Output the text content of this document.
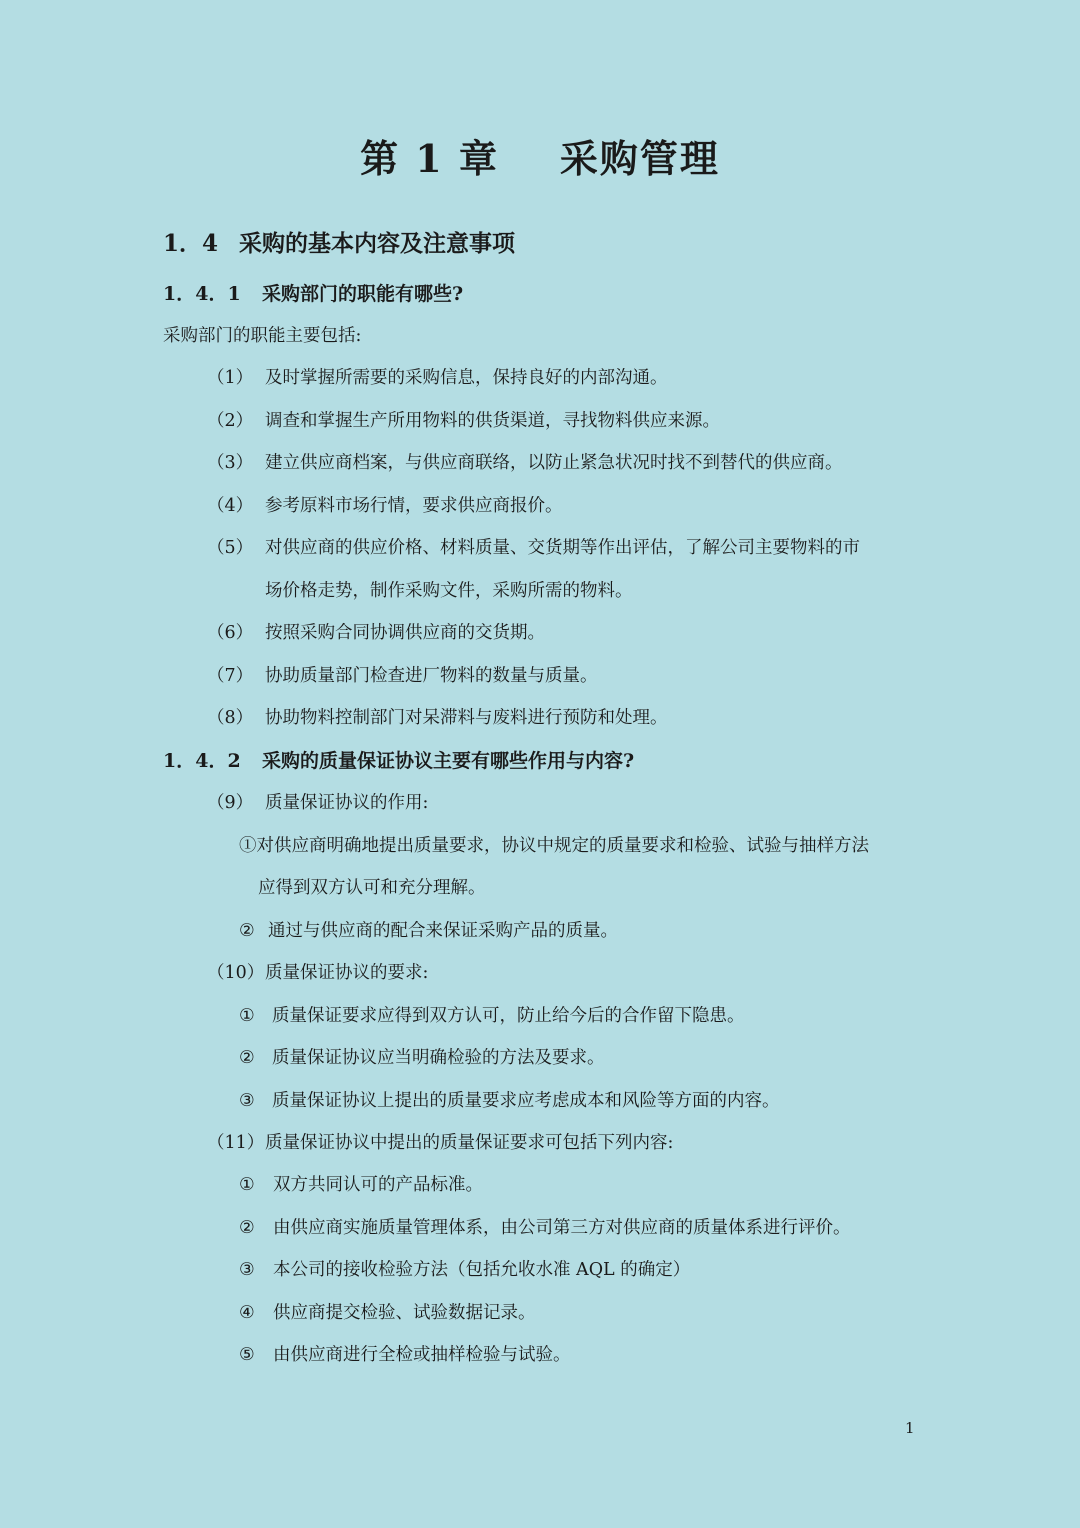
第 1 章    采购管理
1．4 采购的基本内容及注意事项
1．4．1 采购部门的职能有哪些?
采购部门的职能主要包括:
（1） 及时掌握所需要的采购信息，保持良好的内部沟通。
（2） 调查和掌握生产所用物料的供货渠道，寻找物料供应来源。
（3） 建立供应商档案，与供应商联络，以防止紧急状况时找不到替代的供应商。
（4） 参考原料市场行情，要求供应商报价。
（5） 对供应商的供应价格、材料质量、交货期等作出评估，了解公司主要物料的市
场价格走势，制作采购文件，采购所需的物料。
（6） 按照采购合同协调供应商的交货期。
（7） 协助质量部门检查进厂物料的数量与质量。
（8） 协助物料控制部门对呆滞料与废料进行预防和处理。
1．4．2 采购的质量保证协议主要有哪些作用与内容?
（9） 质量保证协议的作用:
①对供应商明确地提出质量要求，协议中规定的质量要求和检验、试验与抽样方法
应得到双方认可和充分理解。
② 通过与供应商的配合来保证采购产品的质量。
（10）质量保证协议的要求:
① 质量保证要求应得到双方认可，防止给今后的合作留下隐患。
② 质量保证协议应当明确检验的方法及要求。
③ 质量保证协议上提出的质量要求应考虑成本和风险等方面的内容。
（11）质量保证协议中提出的质量保证要求可包括下列内容:
① 双方共同认可的产品标准。
② 由供应商实施质量管理体系，由公司第三方对供应商的质量体系进行评价。
③ 本公司的接收检验方法（包括允收水准 AQL 的确定）
④ 供应商提交检验、试验数据记录。
⑤ 由供应商进行全检或抽样检验与试验。
1
